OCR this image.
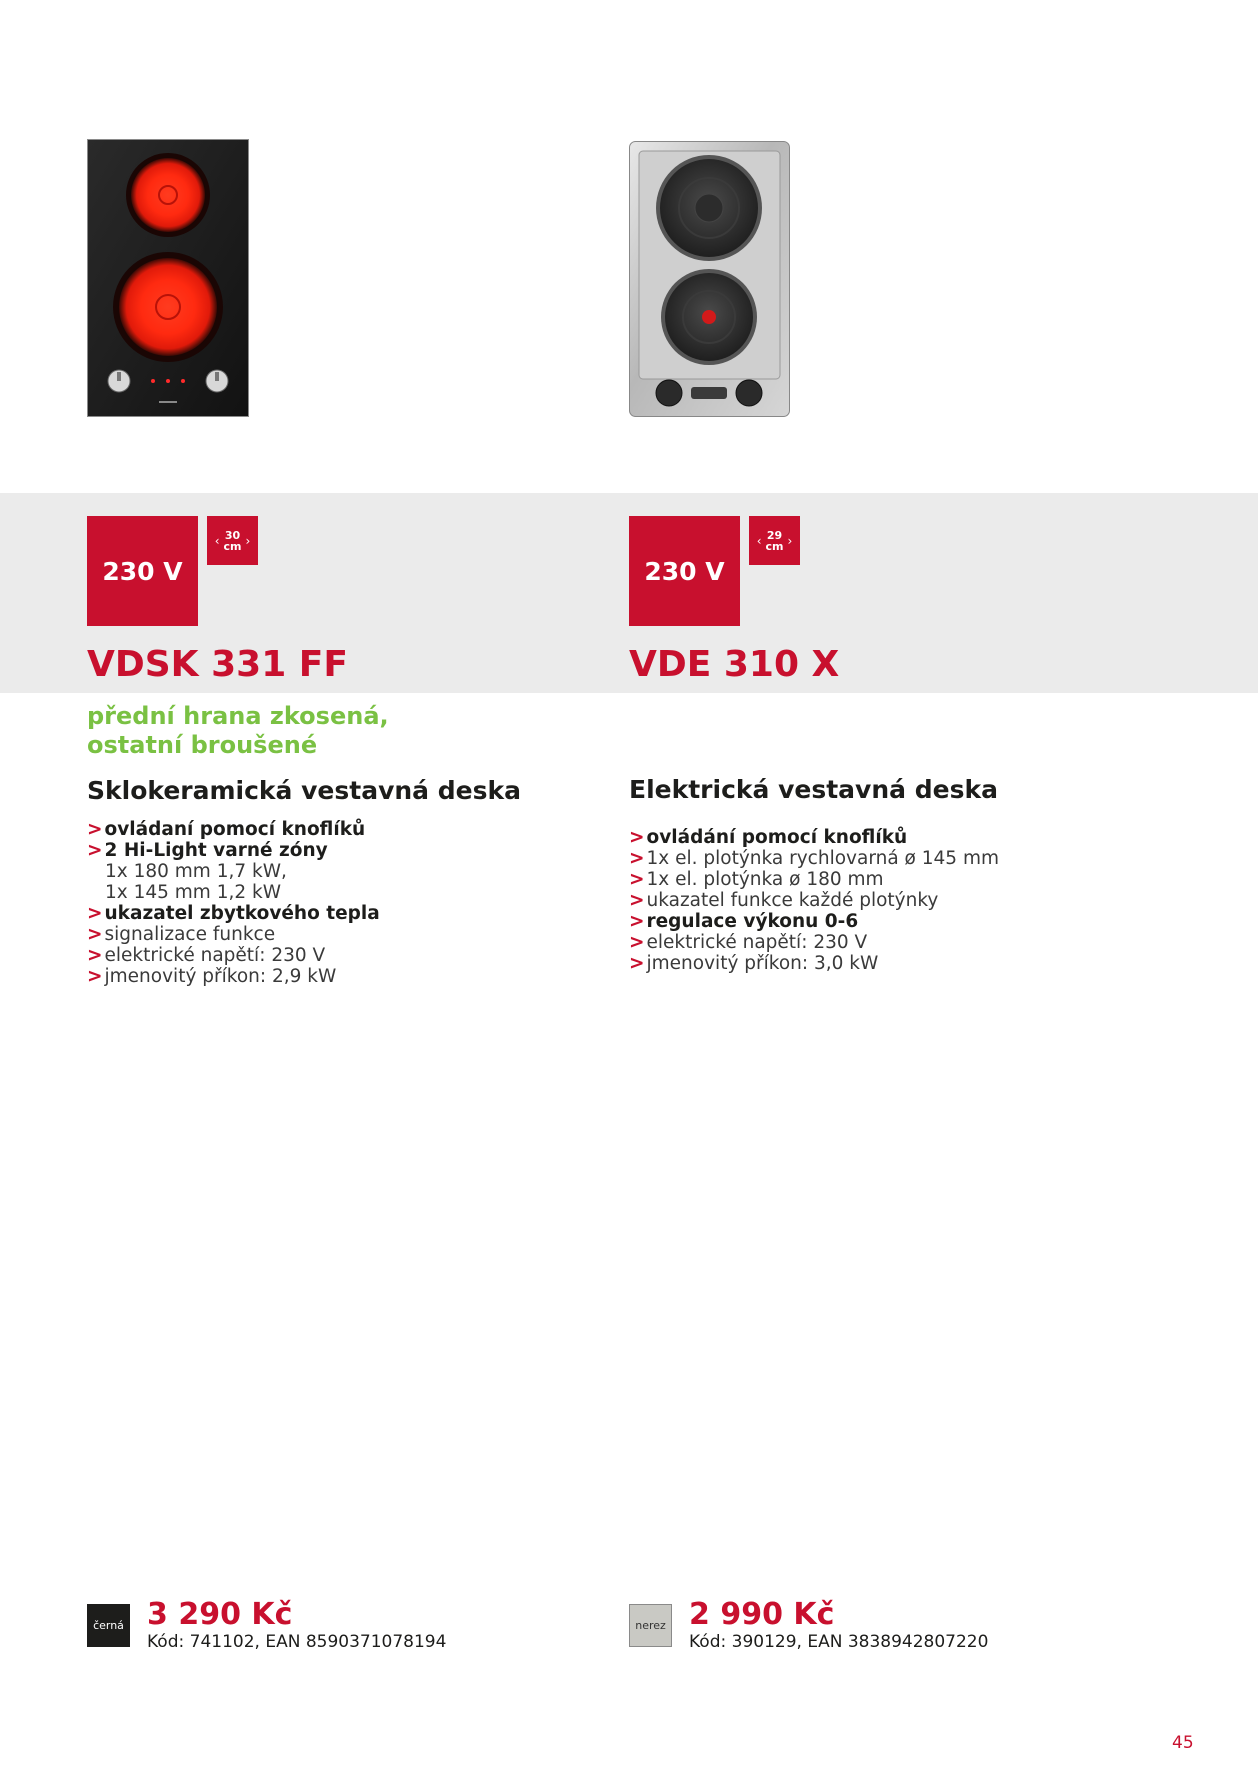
230 V
‹ 30
cm ›
VDSK 331 FF
přední hrana zkosená,
ostatní broušené
Sklokeramická vestavná deska
> ovládaní pomocí knoflíků
> 2 Hi-Light varné zóny
1x 180 mm 1,7 kW,
1x 145 mm 1,2 kW
> ukazatel zbytkového tepla
> signalizace funkce
> elektrické napětí: 230 V
> jmenovitý příkon: 2,9 kW
černá 3 290 Kč
Kód: 741102, EAN 8590371078194
230 V
‹ 29
cm ›
VDE 310 X
Elektrická vestavná deska
> ovládání pomocí knoflíků
> 1x el. plotýnka rychlovarná ø 145 mm
> 1x el. plotýnka ø 180 mm
> ukazatel funkce každé plotýnky
> regulace výkonu 0-6
> elektrické napětí: 230 V
> jmenovitý příkon: 3,0 kW
nerez 2 990 Kč
Kód: 390129, EAN 3838942807220
45
